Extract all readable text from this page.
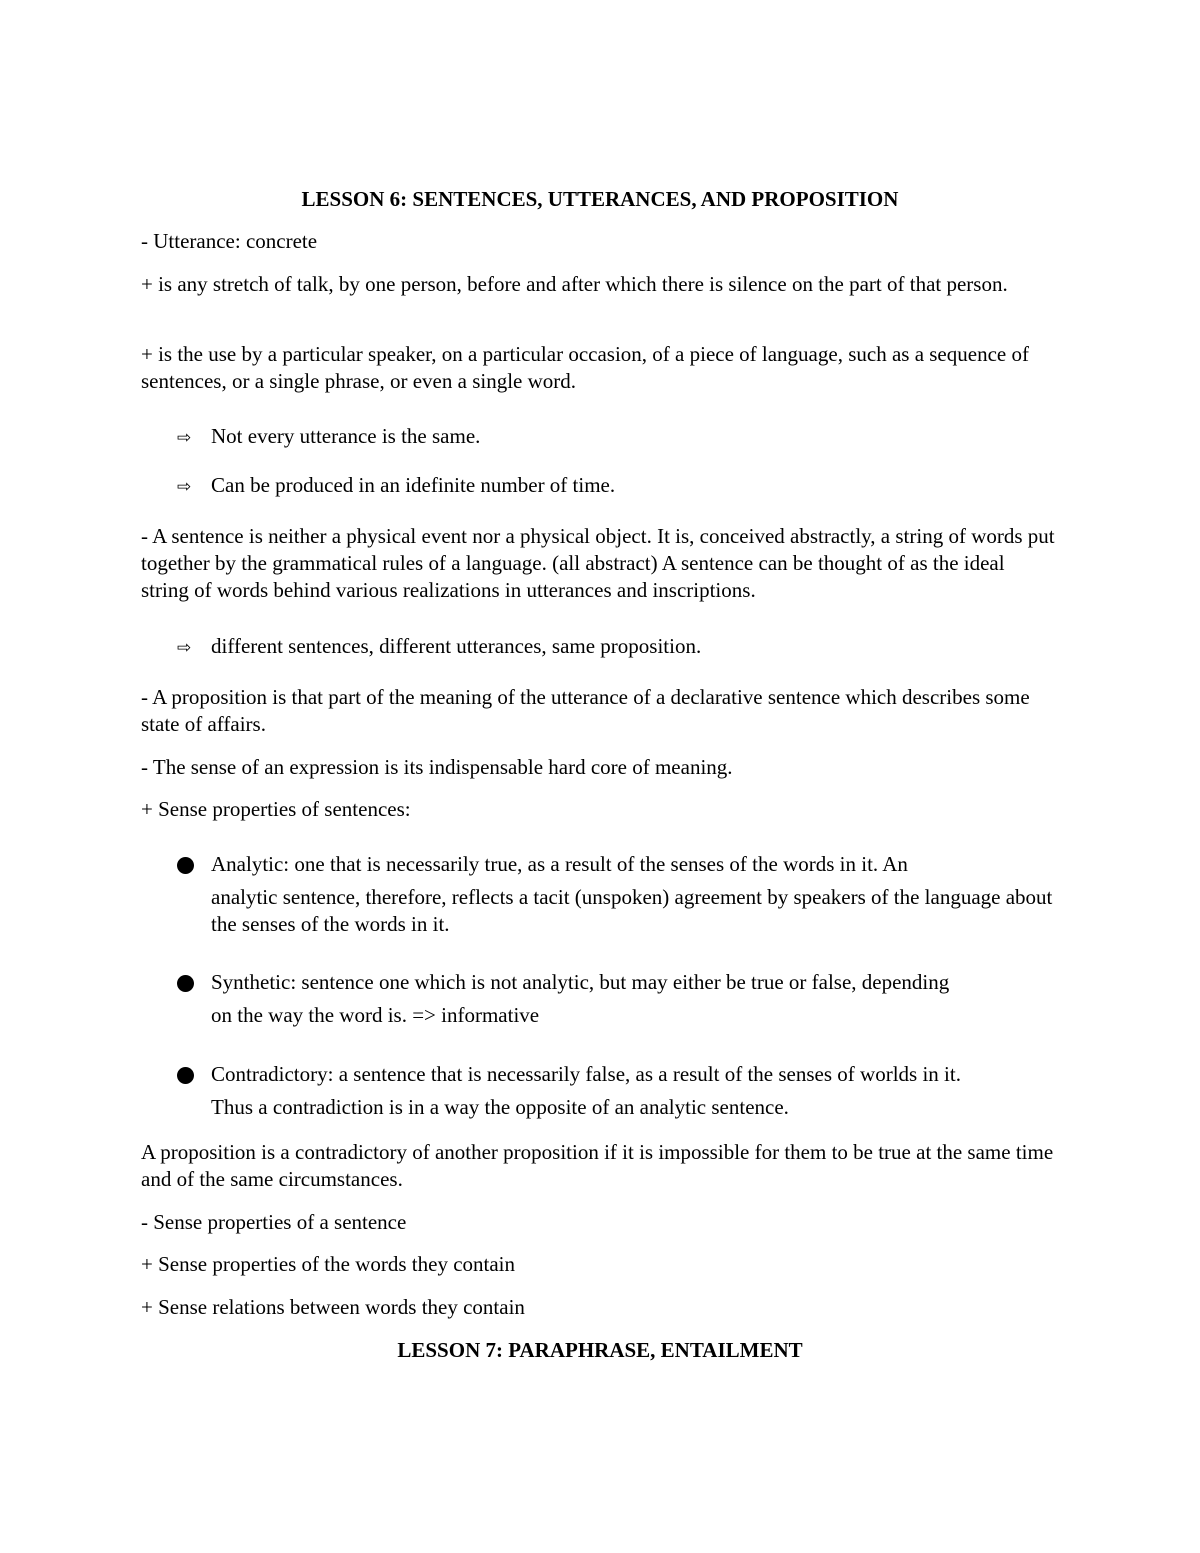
LESSON 6: SENTENCES, UTTERANCES, AND PROPOSITION
- Utterance: concrete
+ is any stretch of talk, by one person, before and after which there is silence on the part of that person.
+ is the use by a particular speaker, on a particular occasion, of a piece of language, such as a sequence of sentences, or a single phrase, or even a single word.
⇨ Not every utterance is the same.
⇨ Can be produced in an idefinite number of time.
- A sentence is neither a physical event nor a physical object. It is, conceived abstractly, a string of words put together by the grammatical rules of a language. (all abstract) A sentence can be thought of as the ideal string of words behind various realizations in utterances and inscriptions.
⇨ different sentences, different utterances, same proposition.
- A proposition is that part of the meaning of the utterance of a declarative sentence which describes some state of affairs.
- The sense of an expression is its indispensable hard core of meaning.
+ Sense properties of sentences:
Analytic: one that is necessarily true, as a result of the senses of the words in it. An
analytic sentence, therefore, reflects a tacit (unspoken) agreement by speakers of the language about the senses of the words in it.
Synthetic: sentence one which is not analytic, but may either be true or false, depending
on the way the word is. => informative
Contradictory: a sentence that is necessarily false, as a result of the senses of worlds in it.
Thus a contradiction is in a way the opposite of an analytic sentence.
A proposition is a contradictory of another proposition if it is impossible for them to be true at the same time and of the same circumstances.
- Sense properties of a sentence
+ Sense properties of the words they contain
+ Sense relations between words they contain
LESSON 7: PARAPHRASE, ENTAILMENT
